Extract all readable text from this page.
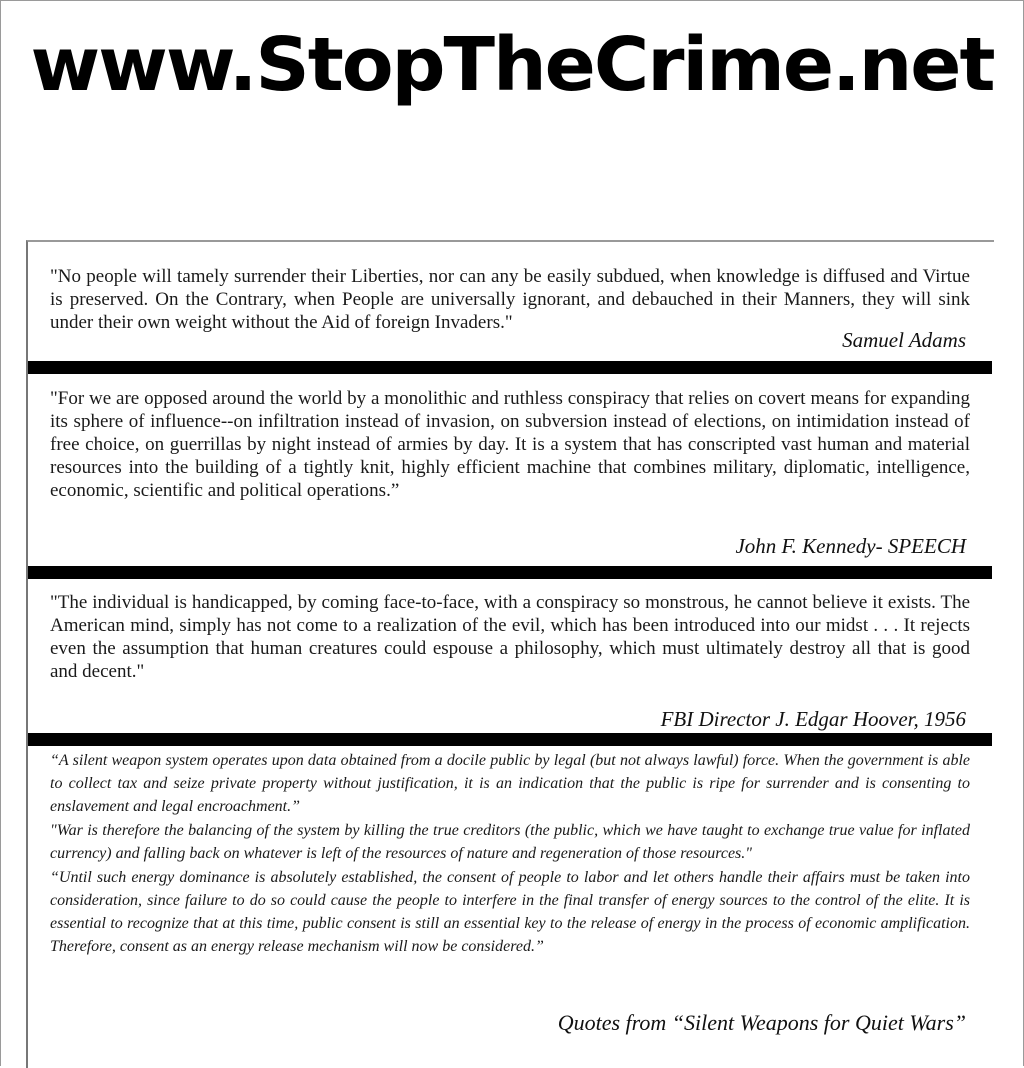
www.StopTheCrime.net
"No people will tamely surrender their Liberties, nor can any be easily subdued, when knowledge is diffused and Virtue is preserved. On the Contrary, when People are universally ignorant, and debauched in their Manners, they will sink under their own weight without the Aid of foreign Invaders."
Samuel Adams
"For we are opposed around the world by a monolithic and ruthless conspiracy that relies on covert means for expanding its sphere of influence--on infiltration instead of invasion, on subversion instead of elections, on intimidation instead of free choice, on guerrillas by night instead of armies by day. It is a system that has conscripted vast human and material resources into the building of a tightly knit, highly efficient machine that combines military, diplomatic, intelligence, economic, scientific and political operations.”
John F. Kennedy- SPEECH
"The individual is handicapped, by coming face-to-face, with a conspiracy so monstrous, he cannot believe it exists. The American mind, simply has not come to a realization of the evil, which has been introduced into our midst . . . It rejects even the assumption that human creatures could espouse a philosophy, which must ultimately destroy all that is good and decent."
FBI Director J. Edgar Hoover, 1956
“A silent weapon system operates upon data obtained from a docile public by legal (but not always lawful) force. When the government is able to collect tax and seize private property without justification, it is an indication that the public is ripe for surrender and is consenting to enslavement and legal encroachment.”
"War is therefore the balancing of the system by killing the true creditors (the public, which we have taught to exchange true value for inflated currency) and falling back on whatever is left of the resources of nature and regeneration of those resources."
“Until such energy dominance is absolutely established, the consent of people to labor and let others handle their affairs must be taken into consideration, since failure to do so could cause the people to interfere in the final transfer of energy sources to the control of the elite. It is essential to recognize that at this time, public consent is still an essential key to the release of energy in the process of economic amplification. Therefore, consent as an energy release mechanism will now be considered.”
Quotes from “Silent Weapons for Quiet Wars”
